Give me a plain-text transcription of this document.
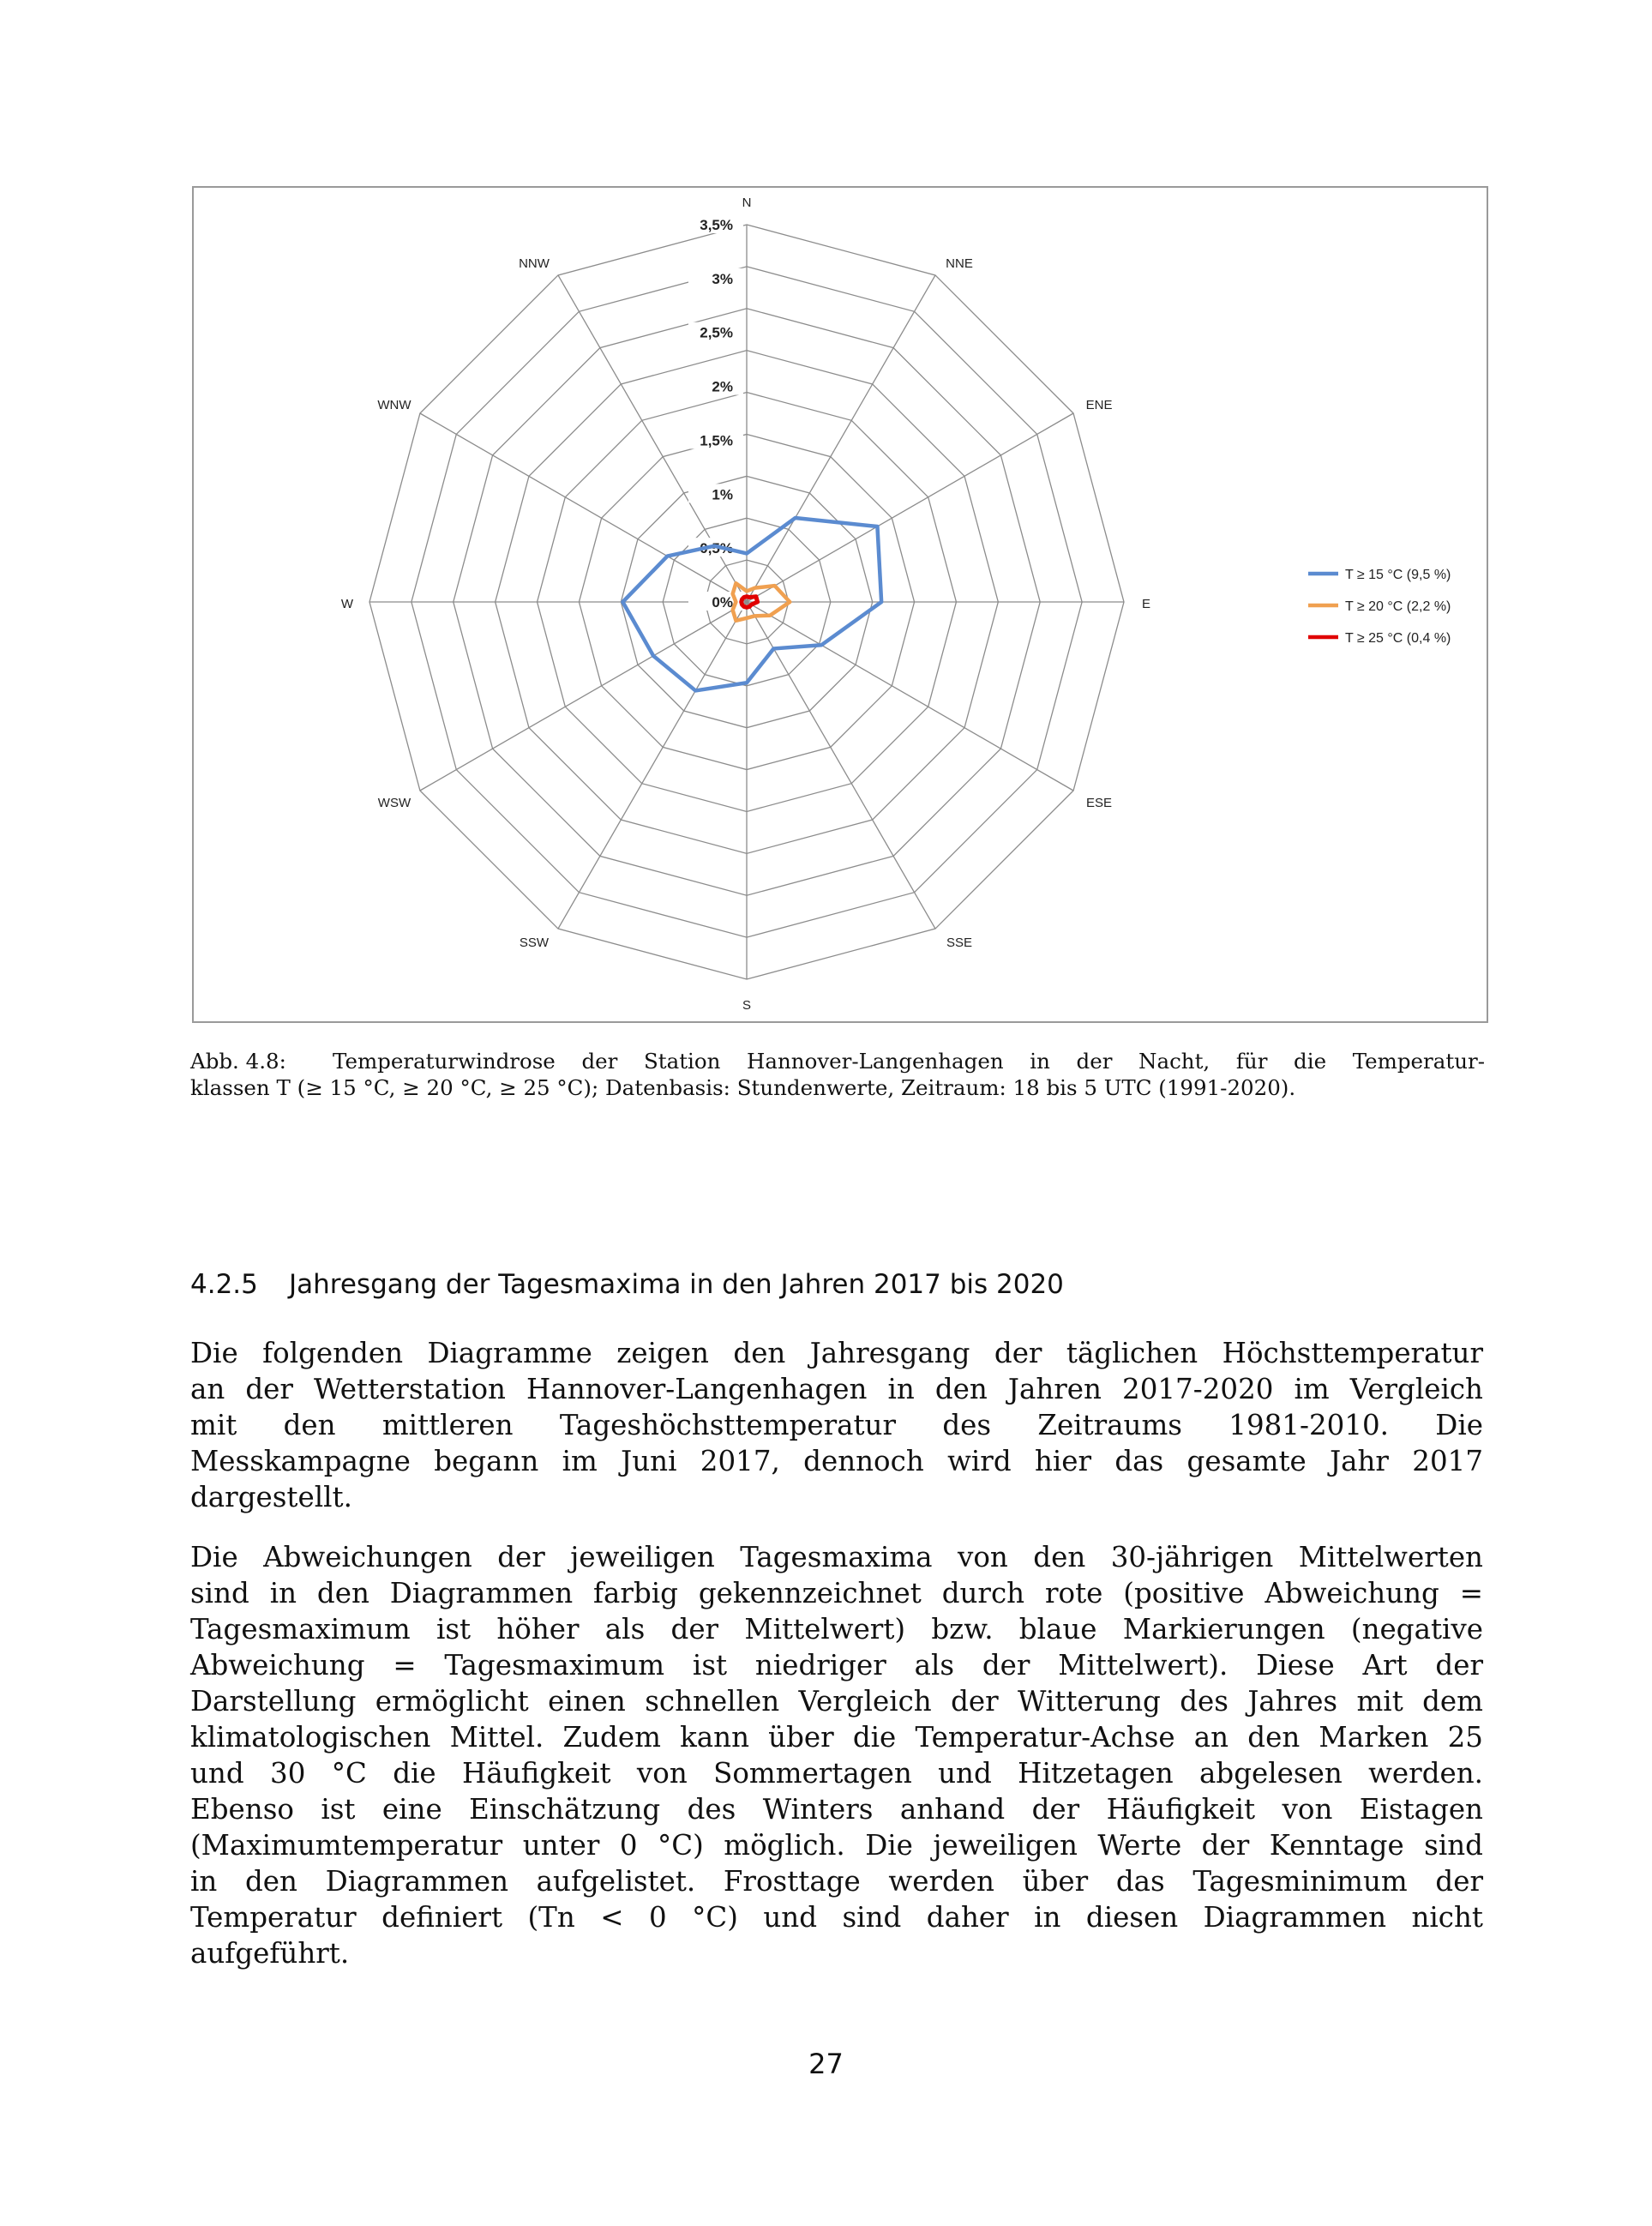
N
NNE
ENE
E
ESE
SSE
S
SSW
WSW
W
WNW
NNW
0%
0,5%
1%
1,5%
2%
2,5%
3%
3,5%
T ≥ 15 °C (9,5 %)
T ≥ 20 °C (2,2 %)
T ≥ 25 °C (0,4 %)
Abb. 4.8: Temperaturwindrose der Station Hannover-Langenhagen in der Nacht, für die Temperatur-
klassen T (≥ 15 °C, ≥ 20 °C, ≥ 25 °C); Datenbasis: Stundenwerte, Zeitraum: 18 bis 5 UTC (1991-2020).
4.2.5 Jahresgang der Tagesmaxima in den Jahren 2017 bis 2020
Die folgenden Diagramme zeigen den Jahresgang der täglichen Höchsttemperatur
an der Wetterstation Hannover-Langenhagen in den Jahren 2017-2020 im Vergleich
mit den mittleren Tageshöchsttemperatur des Zeitraums 1981-2010. Die
Messkampagne begann im Juni 2017, dennoch wird hier das gesamte Jahr 2017
dargestellt.
Die Abweichungen der jeweiligen Tagesmaxima von den 30-jährigen Mittelwerten
sind in den Diagrammen farbig gekennzeichnet durch rote (positive Abweichung =
Tagesmaximum ist höher als der Mittelwert) bzw. blaue Markierungen (negative
Abweichung = Tagesmaximum ist niedriger als der Mittelwert). Diese Art der
Darstellung ermöglicht einen schnellen Vergleich der Witterung des Jahres mit dem
klimatologischen Mittel. Zudem kann über die Temperatur-Achse an den Marken 25
und 30 °C die Häufigkeit von Sommertagen und Hitzetagen abgelesen werden.
Ebenso ist eine Einschätzung des Winters anhand der Häufigkeit von Eistagen
(Maximumtemperatur unter 0 °C) möglich. Die jeweiligen Werte der Kenntage sind
in den Diagrammen aufgelistet. Frosttage werden über das Tagesminimum der
Temperatur definiert (Tn < 0 °C) und sind daher in diesen Diagrammen nicht
aufgeführt.
27
